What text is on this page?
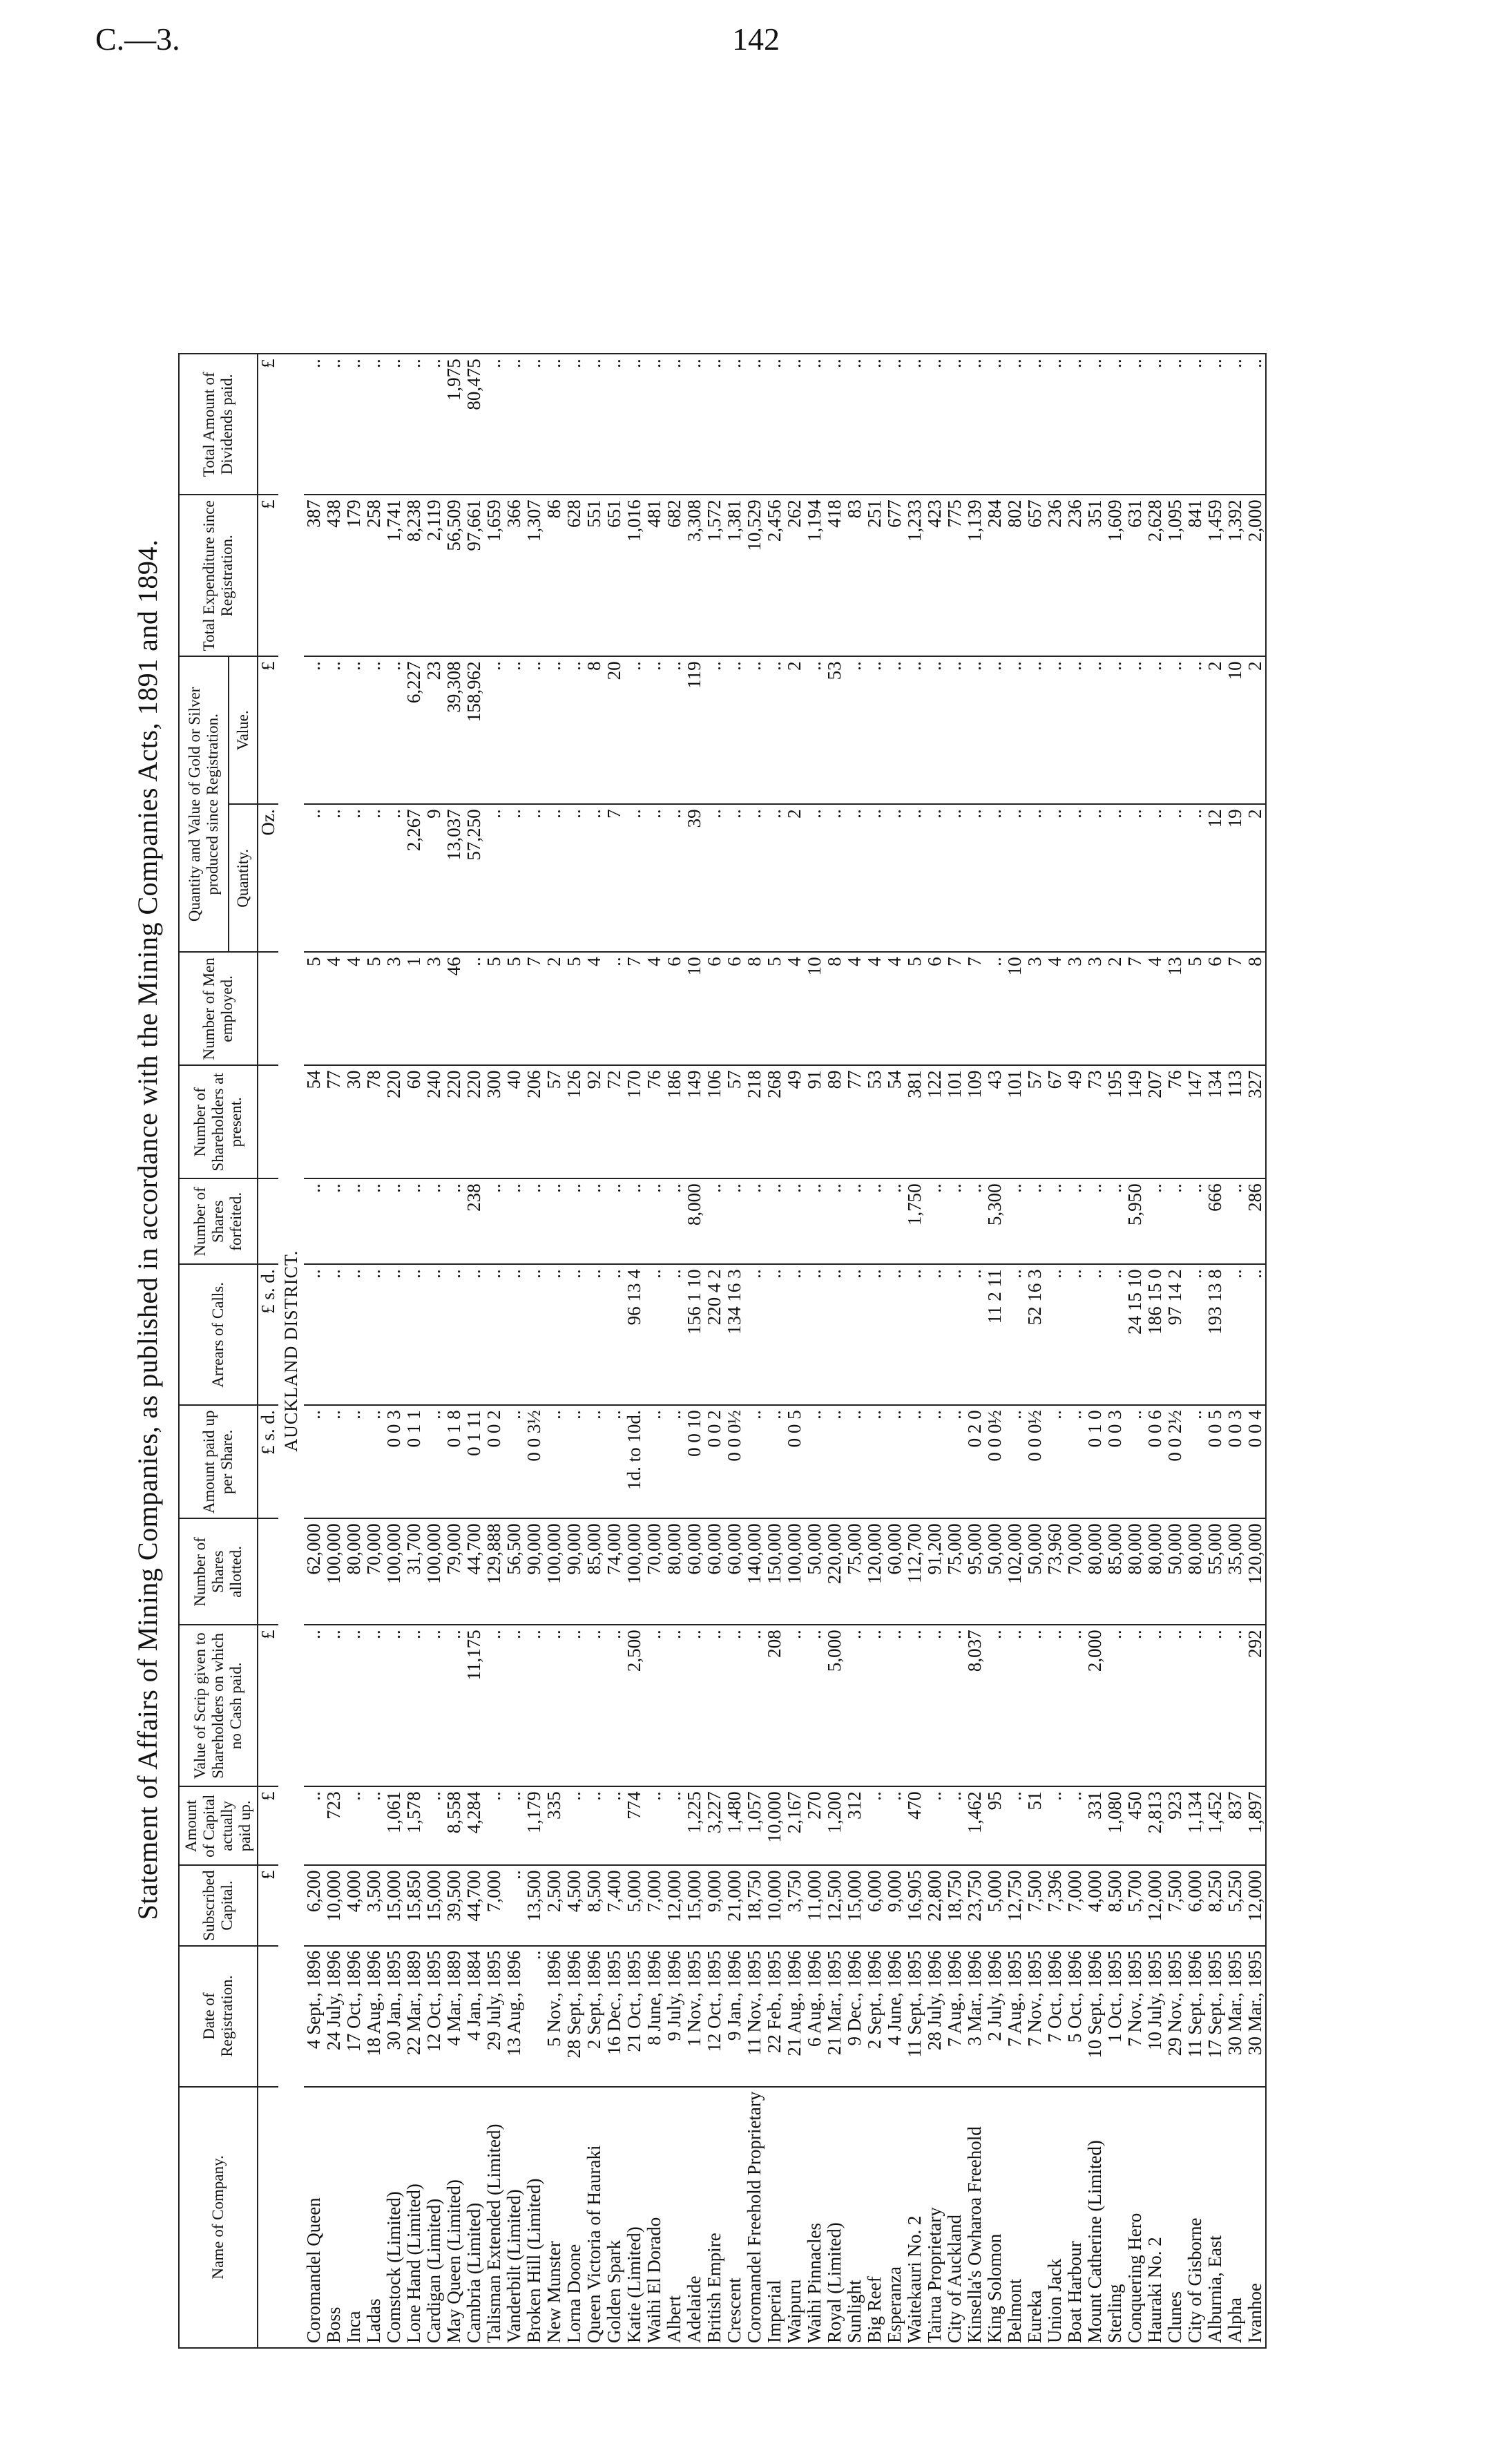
C.—3.	142
Statement of Affairs of Mining Companies, as published in accordance with the Mining Companies Acts, 1891 and 1894.
Name of Company.	Date of Registration.	Subscribed Capital.	Amount of Capital actually paid up.	Value of Scrip given to Shareholders on which no Cash paid.	Number of Shares allotted.	Amount paid up per Share.	Arrears of Calls.	Number of Shares forfeited.	Number of Shareholders at present.	Number of Men employed.	Quantity and Value of Gold or Silver produced since Registration.		Total Expenditure since Registration.	Total Amount of Dividends paid.
											Quantity.	Value.		
		£	£	£		£ s. d.	£ s. d.				Oz.	£	£	£
AUCKLAND DISTRICT.														
Coromandel Queen	4 Sept., 1896	6,200	..	..	62,000	..	..	..	54	5	..	..	387	..
Boss	24 July, 1896	10,000	723	..	100,000	..	..	..	77	4	..	..	438	..
Inca	17 Oct., 1896	4,000	..	..	80,000	..	..	..	30	4	..	..	179	..
Ladas	18 Aug., 1896	3,500	..	..	70,000	..	..	..	78	5	..	..	258	..
Comstock (Limited)	30 Jan., 1895	15,000	1,061	..	100,000	0 0 3	..	..	220	3	..	..	1,741	..
Lone Hand (Limited)	22 Mar., 1889	15,850	1,578	..	31,700	0 1 1	..	..	60	1	2,267	6,227	8,238	..
Cardigan (Limited)	12 Oct., 1895	15,000	..	..	100,000	..	..	..	240	3	9	23	2,119	..
May Queen (Limited)	4 Mar., 1889	39,500	8,558	..	79,000	0 1 8	..	..	220	46	13,037	39,308	56,509	1,975
Cambria (Limited)	4 Jan., 1884	44,700	4,284	11,175	44,700	0 1 11	..	238	220	..	57,250	158,962	97,661	80,475
Talisman Extended (Limited)	29 July, 1895	7,000	..	..	129,888	0 0 2	..	..	300	5	..	..	1,659	..
Vanderbilt (Limited)	13 Aug., 1896	..	..	..	56,500	..	..	..	40	5	..	..	366	..
Broken Hill (Limited)	..	13,500	1,179	..	90,000	0 0 3½	..	..	206	7	..	..	1,307	..
New Munster	5 Nov., 1896	2,500	335	..	100,000	..	..	..	57	2	..	..	86	..
Lorna Doone	28 Sept., 1896	4,500	..	..	90,000	..	..	..	126	5	..	..	628	..
Queen Victoria of Hauraki	2 Sept., 1896	8,500	..	..	85,000	..	..	..	92	4	..	8	551	..
Golden Spark	16 Dec., 1895	7,400	..	..	74,000	..	..	..	72	..	7	20	651	..
Katie (Limited)	21 Oct., 1895	5,000	774	2,500	100,000	1d. to 10d.	96 13 4	..	170	7	..	..	1,016	..
Waihi El Dorado	8 June, 1896	7,000	..	..	70,000	..	..	..	76	4	..	..	481	..
Albert	9 July, 1896	12,000	..	..	80,000	..	..	..	186	6	..	..	682	..
Adelaide	1 Nov., 1895	15,000	1,225	..	60,000	0 0 10	156 1 10	8,000	149	10	39	119	3,308	..
British Empire	12 Oct., 1895	9,000	3,227	..	60,000	0 0 2	220 4 2	..	106	6	..	..	1,572	..
Crescent	9 Jan., 1896	21,000	1,480	..	60,000	0 0 0½	134 16 3	..	57	6	..	..	1,381	..
Coromandel Freehold Proprietary	11 Nov., 1895	18,750	1,057	..	140,000	..	..	..	218	8	..	..	10,529	..
Imperial	22 Feb., 1895	10,000	10,000	208	150,000	..	..	..	268	5	..	..	2,456	..
Waipuru	21 Aug., 1896	3,750	2,167	..	100,000	0 0 5	..	..	49	4	2	2	262	..
Waihi Pinnacles	6 Aug., 1896	11,000	270	..	50,000	..	..	..	91	10	..	..	1,194	..
Royal (Limited)	21 Mar., 1895	12,500	1,200	5,000	220,000	..	..	..	89	8	..	53	418	..
Sunlight	9 Dec., 1896	15,000	312	..	75,000	..	..	..	77	4	..	..	83	..
Big Reef	2 Sept., 1896	6,000	..	..	120,000	..	..	..	53	4	..	..	251	..
Esperanza	4 June, 1896	9,000	..	..	60,000	..	..	..	54	4	..	..	677	..
Waitekauri No. 2	11 Sept., 1895	16,905	470	..	112,700	..	..	1,750	381	5	..	..	1,233	..
Tairua Proprietary	28 July, 1896	22,800	..	..	91,200	..	..	..	122	6	..	..	423	..
City of Auckland	7 Aug., 1896	18,750	..	..	75,000	..	..	..	101	7	..	..	775	..
Kinsella's Owharoa Freehold	3 Mar., 1896	23,750	1,462	8,037	95,000	0 2 0	..	..	109	7	..	..	1,139	..
King Solomon	2 July, 1896	5,000	95	..	50,000	0 0 0½	11 2 11	5,300	43	..	..	..	284	..
Belmont	7 Aug., 1895	12,750	..	..	102,000	..	..	..	101	10	..	..	802	..
Eureka	7 Nov., 1895	7,500	51	..	50,000	0 0 0½	52 16 3	..	57	3	..	..	657	..
Union Jack	7 Oct., 1896	7,396	..	..	73,960	..	..	..	67	4	..	..	236	..
Boat Harbour	5 Oct., 1896	7,000	..	..	70,000	..	..	..	49	3	..	..	236	..
Mount Catherine (Limited)	10 Sept., 1896	4,000	331	2,000	80,000	0 1 0	..	..	73	3	..	..	351	..
Sterling	1 Oct., 1895	8,500	1,080	..	85,000	0 0 3	..	..	195	2	..	..	1,609	..
Conquering Hero	7 Nov., 1895	5,700	450	..	80,000	..	24 15 10	5,950	149	7	..	..	631	..
Hauraki No. 2	10 July, 1895	12,000	2,813	..	80,000	0 0 6	186 15 0	..	207	4	..	..	2,628	..
Clunes	29 Nov., 1895	7,500	923	..	50,000	0 0 2½	97 14 2	..	76	13	..	..	1,095	..
City of Gisborne	11 Sept., 1896	6,000	1,134	..	80,000	..	..	..	147	5	..	..	841	..
Alburnia, East	17 Sept., 1895	8,250	1,452	..	55,000	0 0 5	193 13 8	666	134	6	12	2	1,459	..
Alpha	30 Mar., 1895	5,250	837	..	35,000	0 0 3	..	..	113	7	19	10	1,392	..
Ivanhoe	30 Mar., 1895	12,000	1,897	292	120,000	0 0 4	..	286	327	8	2	2	2,000	..
